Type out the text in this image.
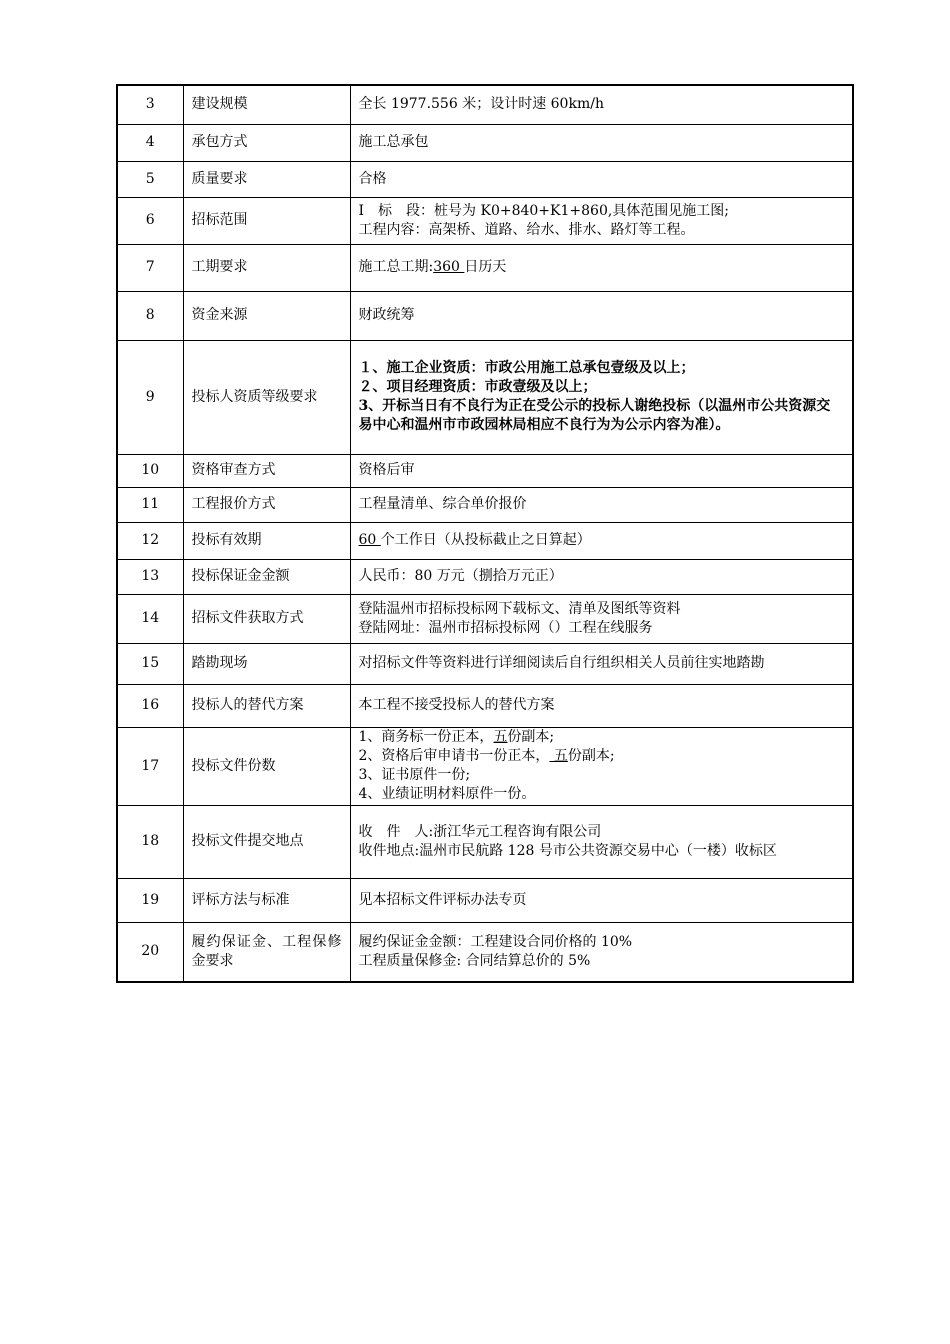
3	建设规模	全长 1977.556 米；设计时速 60km/h
4	承包方式	施工总承包
5	质量要求	合格
6	招标范围	I　标　段：桩号为 K0+840+K1+860,具体范围见施工图;
工程内容：高架桥、道路、给水、排水、路灯等工程。

7	工期要求	施工总工期:360 日历天
8	资金来源	财政统筹
9	投标人资质等级要求	１、施工企业资质：市政公用施工总承包壹级及以上；
２、项目经理资质：市政壹级及以上；
3、开标当日有不良行为正在受公示的投标人谢绝投标（以温州市公共资源交易中心和温州市市政园林局相应不良行为为公示内容为准）。

10	资格审查方式	资格后审
11	工程报价方式	工程量清单、综合单价报价
12	投标有效期	60 个工作日（从投标截止之日算起）
13	投标保证金金额	人民币：80 万元（捌拾万元正）
14	招标文件获取方式	登陆温州市招标投标网下载标文、清单及图纸等资料
登陆网址：温州市招标投标网（）工程在线服务

15	踏勘现场	对招标文件等资料进行详细阅读后自行组织相关人员前往实地踏勘

16	投标人的替代方案	本工程不接受投标人的替代方案
17	投标文件份数	1、商务标一份正本，五份副本;
2、资格后审申请书一份正本， 五份副本;
3、证书原件一份;
4、业绩证明材料原件一份。

18	投标文件提交地点	收　件　人:浙江华元工程咨询有限公司
收件地点:温州市民航路 128 号市公共资源交易中心（一楼）收标区

19	评标方法与标准	见本招标文件评标办法专页
20	履约保证金、工程保修金要求	履约保证金金额：工程建设合同价格的 10%
工程质量保修金: 合同结算总价的 5%
